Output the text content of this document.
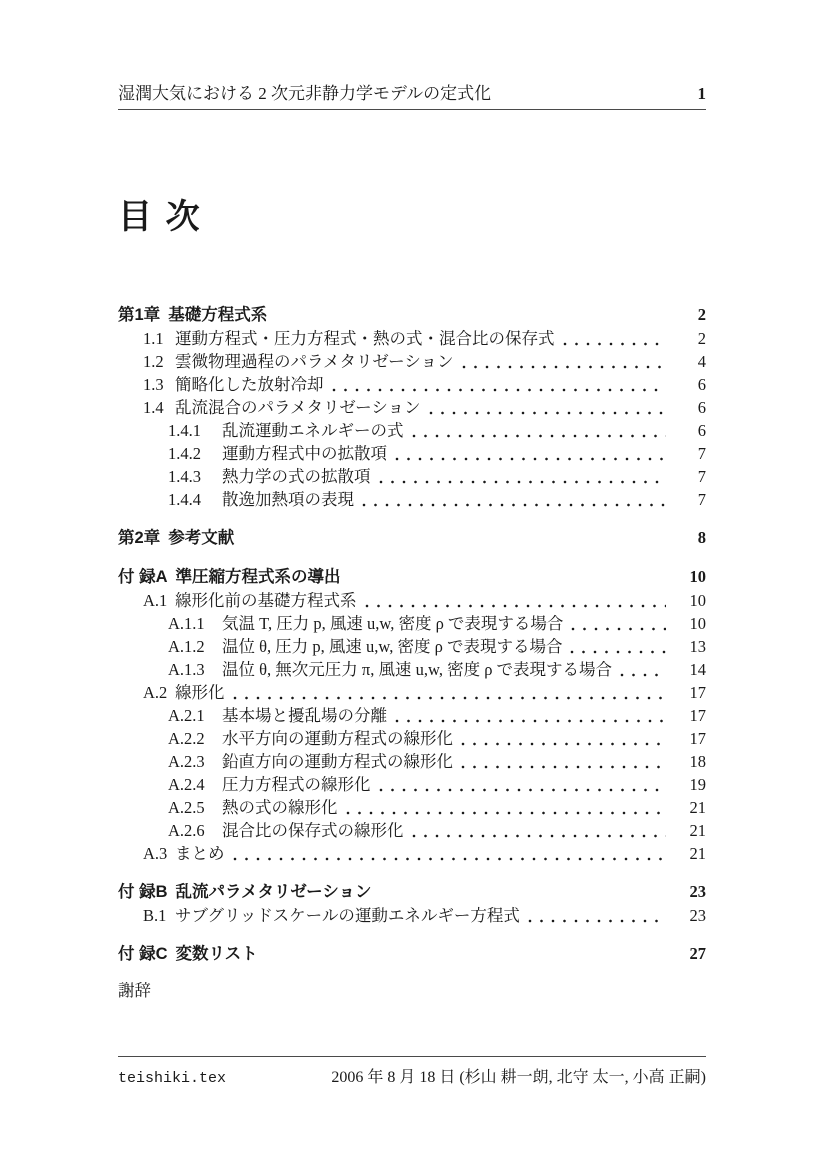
湿潤大気における 2 次元非静力学モデルの定式化	1
目 次
第1章 基礎方程式系	2
1.1 運動方程式・圧力方程式・熱の式・混合比の保存式	2
1.2 雲微物理過程のパラメタリゼーション	4
1.3 簡略化した放射冷却	6
1.4 乱流混合のパラメタリゼーション	6
1.4.1	乱流運動エネルギーの式	6
1.4.2	運動方程式中の拡散項	7
1.4.3	熱力学の式の拡散項	7
1.4.4	散逸加熱項の表現	7
第2章 参考文献	8
付 録A 準圧縮方程式系の導出	10
A.1 線形化前の基礎方程式系	10
A.1.1	気温 T, 圧力 p, 風速 u,w, 密度 ρ で表現する場合	10
A.1.2	温位 θ, 圧力 p, 風速 u,w, 密度 ρ で表現する場合	13
A.1.3	温位 θ, 無次元圧力 π, 風速 u,w, 密度 ρ で表現する場合	14
A.2 線形化	17
A.2.1	基本場と擾乱場の分離	17
A.2.2	水平方向の運動方程式の線形化	17
A.2.3	鉛直方向の運動方程式の線形化	18
A.2.4	圧力方程式の線形化	19
A.2.5	熱の式の線形化	21
A.2.6	混合比の保存式の線形化	21
A.3 まとめ	21
付 録B 乱流パラメタリゼーション	23
B.1 サブグリッドスケールの運動エネルギー方程式	23
付 録C 変数リスト	27
謝辞
teishiki.tex	2006 年 8 月 18 日 (杉山 耕一朗, 北守 太一, 小高 正嗣)
